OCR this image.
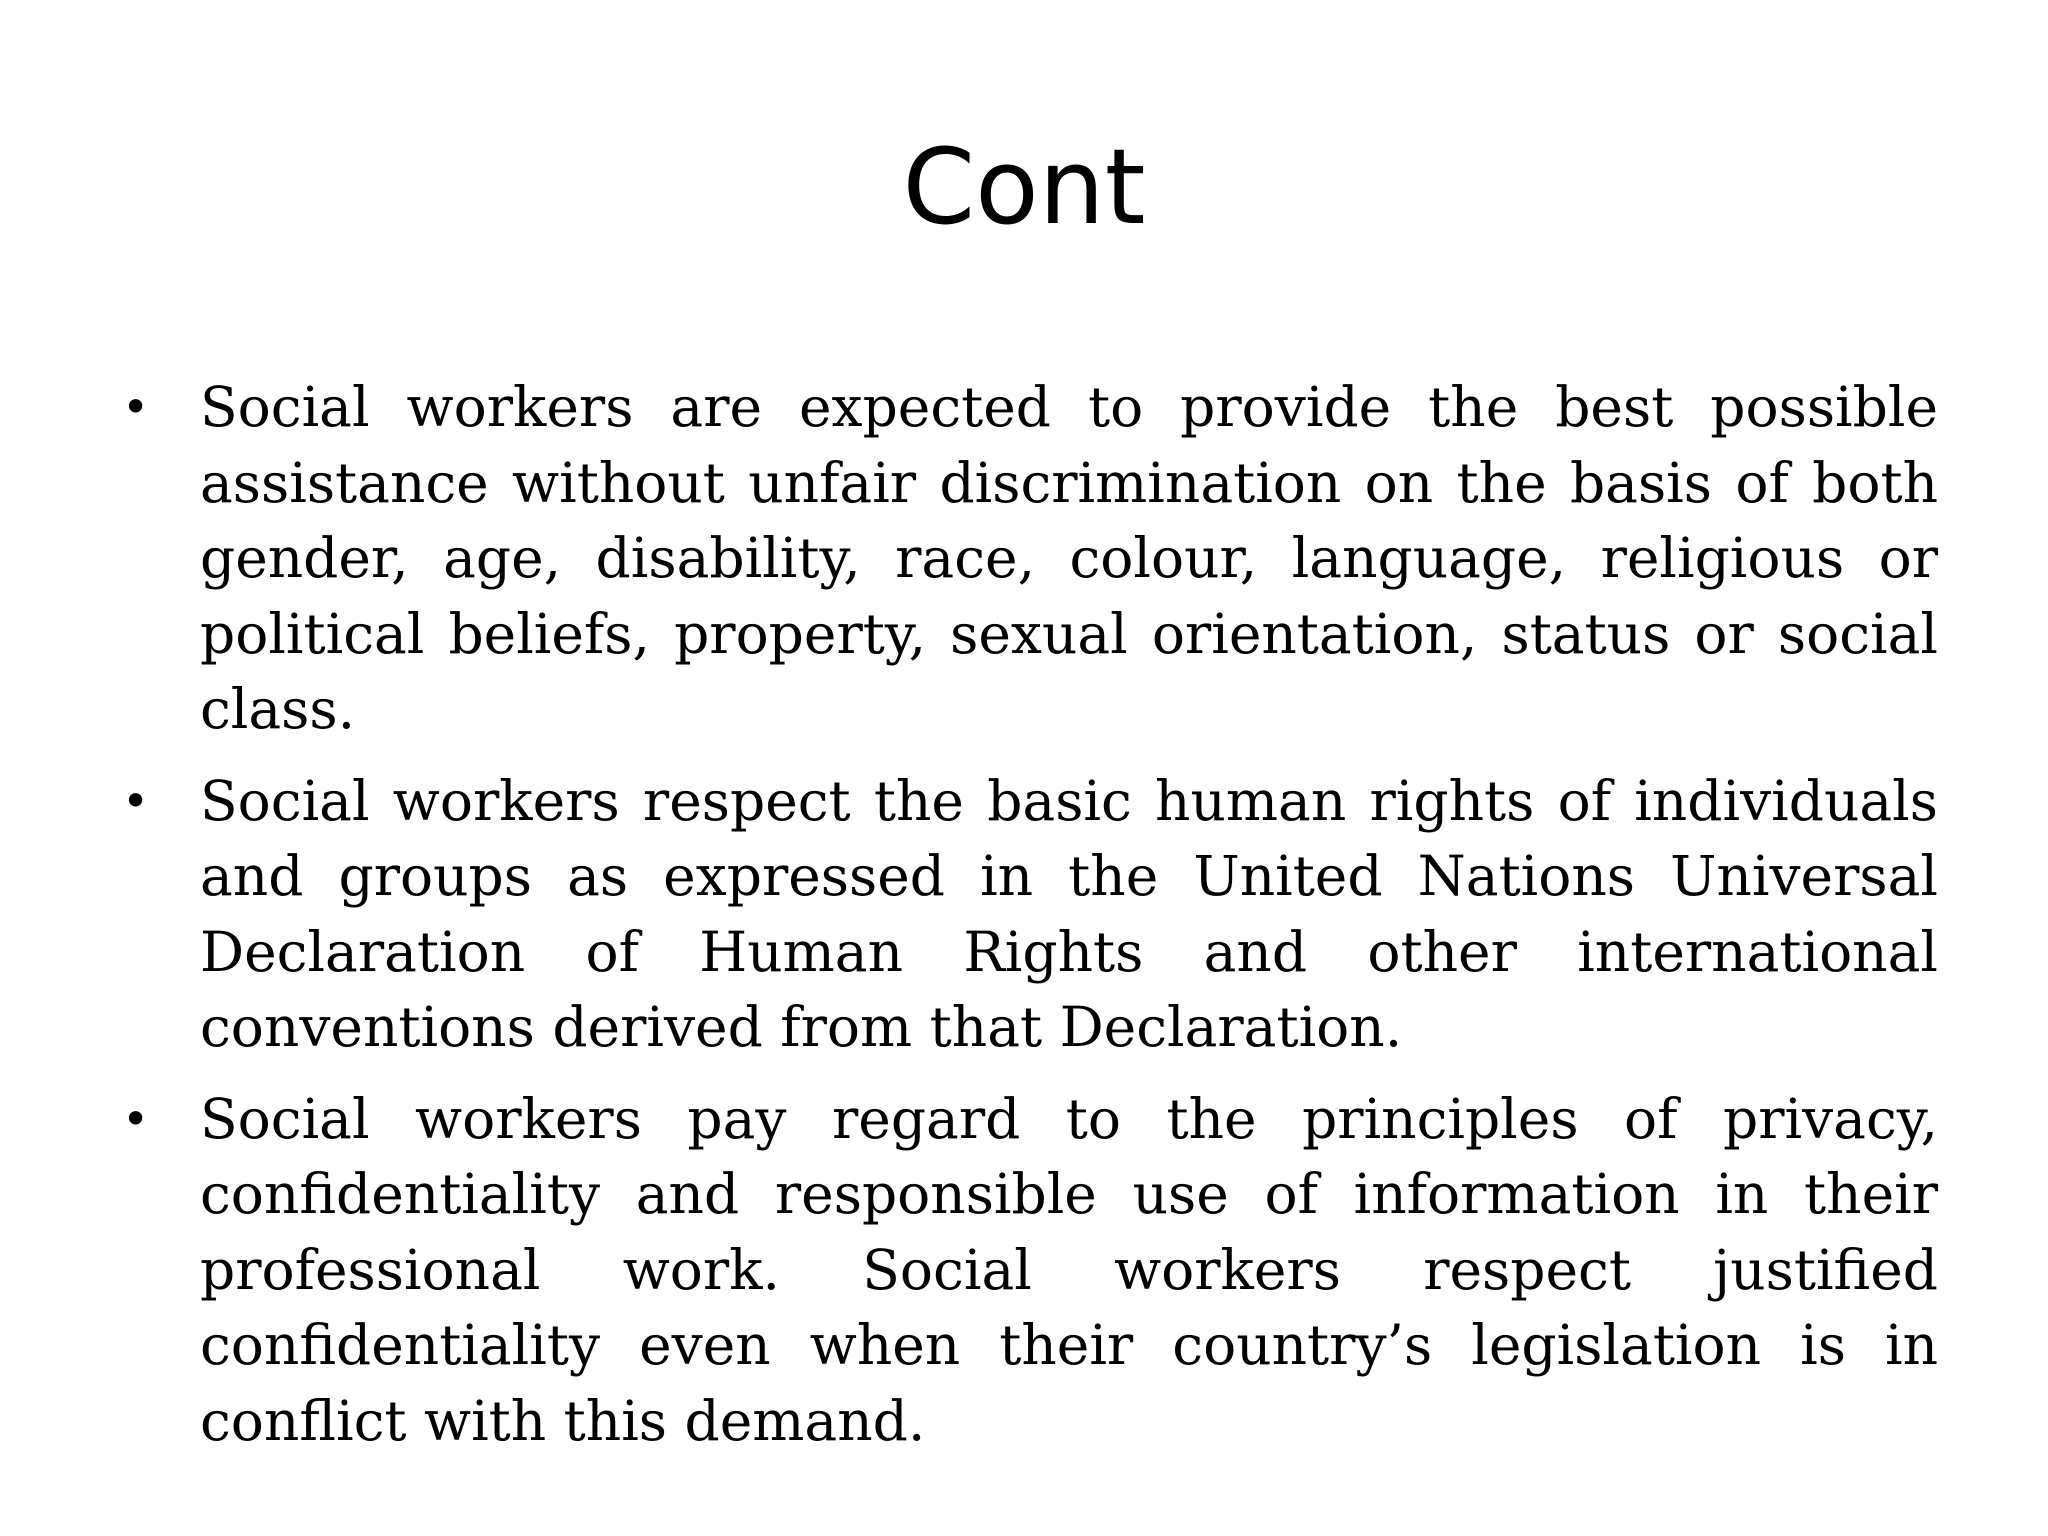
Cont
• Social workers are expected to provide the best possible assistance without unfair discrimination on the basis of both gender, age, disability, race, colour, language, religious or political beliefs, property, sexual orientation, status or social class.
• Social workers respect the basic human rights of individuals and groups as expressed in the United Nations Universal Declaration of Human Rights and other international conventions derived from that Declaration.
• Social workers pay regard to the principles of privacy, confidentiality and responsible use of information in their professional work. Social workers respect justified confidentiality even when their country’s legislation is in conflict with this demand.
